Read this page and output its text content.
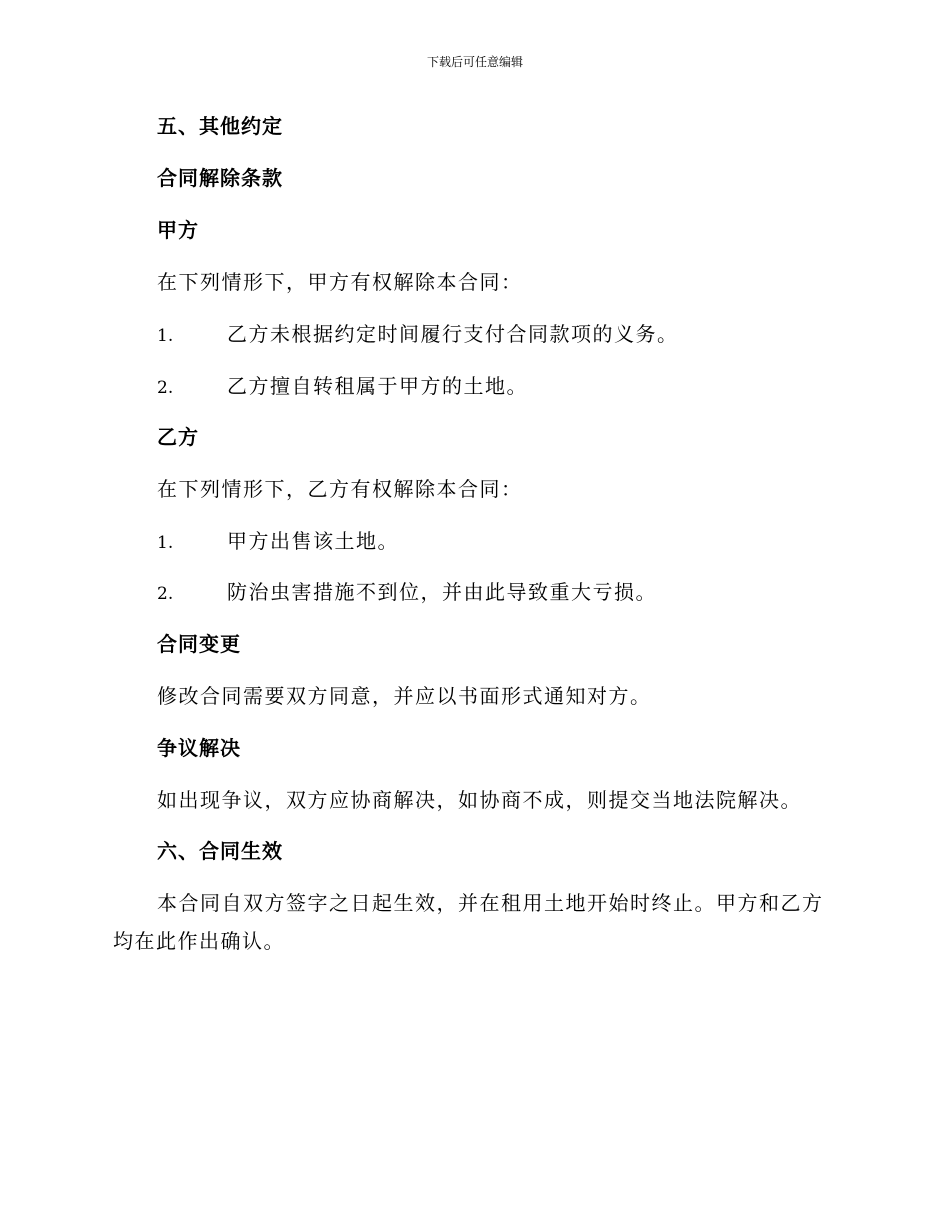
下载后可任意编辑
五、其他约定
合同解除条款
甲方
在下列情形下，甲方有权解除本合同：
1.	乙方未根据约定时间履行支付合同款项的义务。
2.	乙方擅自转租属于甲方的土地。
乙方
在下列情形下，乙方有权解除本合同：
1.	甲方出售该土地。
2.	防治虫害措施不到位，并由此导致重大亏损。
合同变更
修改合同需要双方同意，并应以书面形式通知对方。
争议解决
如出现争议，双方应协商解决，如协商不成，则提交当地法院解决。
六、合同生效
本合同自双方签字之日起生效，并在租用土地开始时终止。甲方和乙方均在此作出确认。
